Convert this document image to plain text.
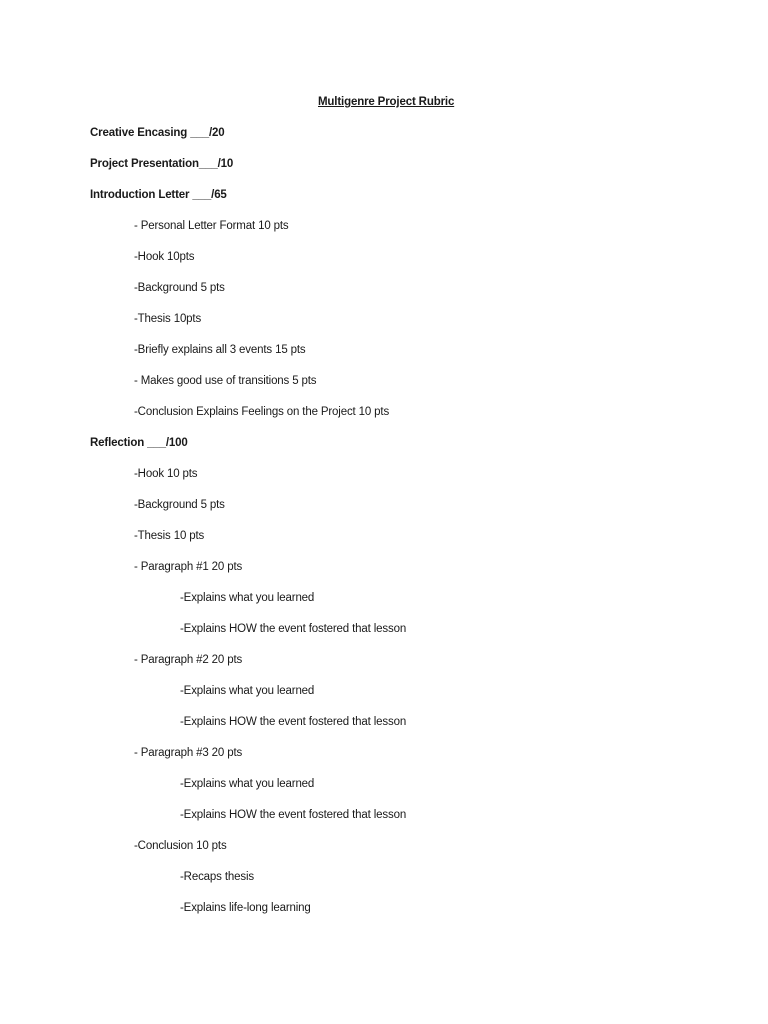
Multigenre Project Rubric
Creative Encasing ___/20
Project Presentation___/10
Introduction Letter ___/65
- Personal Letter Format 10 pts
-Hook 10pts
-Background 5 pts
-Thesis 10pts
-Briefly explains all 3 events 15 pts
- Makes good use of transitions 5 pts
-Conclusion Explains Feelings on the Project 10 pts
Reflection ___/100
-Hook 10 pts
-Background 5 pts
-Thesis 10 pts
- Paragraph #1 20 pts
-Explains what you learned
-Explains HOW the event fostered that lesson
- Paragraph #2 20 pts
-Explains what you learned
-Explains HOW the event fostered that lesson
- Paragraph #3 20 pts
-Explains what you learned
-Explains HOW the event fostered that lesson
-Conclusion 10 pts
-Recaps thesis
-Explains life-long learning
